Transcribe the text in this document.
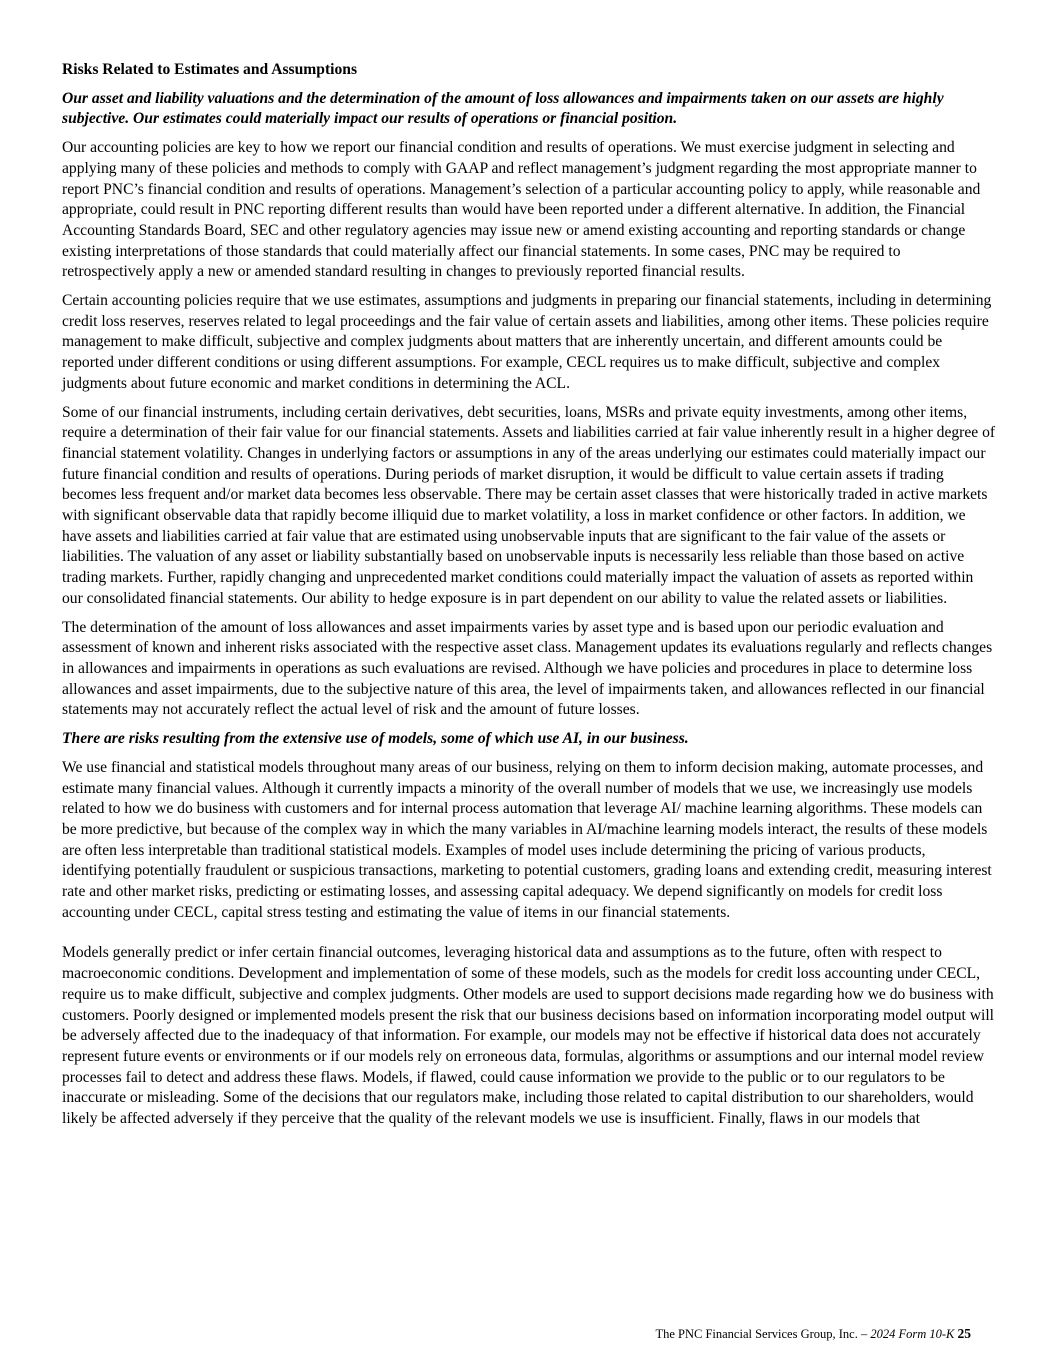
Risks Related to Estimates and Assumptions
Our asset and liability valuations and the determination of the amount of loss allowances and impairments taken on our assets are highly subjective. Our estimates could materially impact our results of operations or financial position.

Our accounting policies are key to how we report our financial condition and results of operations. We must exercise judgment in selecting and applying many of these policies and methods to comply with GAAP and reflect management’s judgment regarding the most appropriate manner to report PNC’s financial condition and results of operations. Management’s selection of a particular accounting policy to apply, while reasonable and appropriate, could result in PNC reporting different results than would have been reported under a different alternative. In addition, the Financial Accounting Standards Board, SEC and other regulatory agencies may issue new or amend existing accounting and reporting standards or change existing interpretations of those standards that could materially affect our financial statements. In some cases, PNC may be required to retrospectively apply a new or amended standard resulting in changes to previously reported financial results.

Certain accounting policies require that we use estimates, assumptions and judgments in preparing our financial statements, including in determining credit loss reserves, reserves related to legal proceedings and the fair value of certain assets and liabilities, among other items. These policies require management to make difficult, subjective and complex judgments about matters that are inherently uncertain, and different amounts could be reported under different conditions or using different assumptions. For example, CECL requires us to make difficult, subjective and complex judgments about future economic and market conditions in determining the ACL.

Some of our financial instruments, including certain derivatives, debt securities, loans, MSRs and private equity investments, among other items, require a determination of their fair value for our financial statements. Assets and liabilities carried at fair value inherently result in a higher degree of financial statement volatility. Changes in underlying factors or assumptions in any of the areas underlying our estimates could materially impact our future financial condition and results of operations. During periods of market disruption, it would be difficult to value certain assets if trading becomes less frequent and/or market data becomes less observable. There may be certain asset classes that were historically traded in active markets with significant observable data that rapidly become illiquid due to market volatility, a loss in market confidence or other factors. In addition, we have assets and liabilities carried at fair value that are estimated using unobservable inputs that are significant to the fair value of the assets or liabilities. The valuation of any asset or liability substantially based on unobservable inputs is necessarily less reliable than those based on active trading markets. Further, rapidly changing and unprecedented market conditions could materially impact the valuation of assets as reported within our consolidated financial statements. Our ability to hedge exposure is in part dependent on our ability to value the related assets or liabilities.

The determination of the amount of loss allowances and asset impairments varies by asset type and is based upon our periodic evaluation and assessment of known and inherent risks associated with the respective asset class. Management updates its evaluations regularly and reflects changes in allowances and impairments in operations as such evaluations are revised. Although we have policies and procedures in place to determine loss allowances and asset impairments, due to the subjective nature of this area, the level of impairments taken, and allowances reflected in our financial statements may not accurately reflect the actual level of risk and the amount of future losses.

There are risks resulting from the extensive use of models, some of which use AI, in our business.

We use financial and statistical models throughout many areas of our business, relying on them to inform decision making, automate processes, and estimate many financial values. Although it currently impacts a minority of the overall number of models that we use, we increasingly use models related to how we do business with customers and for internal process automation that leverage AI/ machine learning algorithms. These models can be more predictive, but because of the complex way in which the many variables in AI/machine learning models interact, the results of these models are often less interpretable than traditional statistical models. Examples of model uses include determining the pricing of various products, identifying potentially fraudulent or suspicious transactions, marketing to potential customers, grading loans and extending credit, measuring interest rate and other market risks, predicting or estimating losses, and assessing capital adequacy. We depend significantly on models for credit loss accounting under CECL, capital stress testing and estimating the value of items in our financial statements.

Models generally predict or infer certain financial outcomes, leveraging historical data and assumptions as to the future, often with respect to macroeconomic conditions. Development and implementation of some of these models, such as the models for credit loss accounting under CECL, require us to make difficult, subjective and complex judgments. Other models are used to support decisions made regarding how we do business with customers. Poorly designed or implemented models present the risk that our business decisions based on information incorporating model output will be adversely affected due to the inadequacy of that information. For example, our models may not be effective if historical data does not accurately represent future events or environments or if our models rely on erroneous data, formulas, algorithms or assumptions and our internal model review processes fail to detect and address these flaws. Models, if flawed, could cause information we provide to the public or to our regulators to be inaccurate or misleading. Some of the decisions that our regulators make, including those related to capital distribution to our shareholders, would likely be affected adversely if they perceive that the quality of the relevant models we use is insufficient. Finally, flaws in our models that

The PNC Financial Services Group, Inc. – 2024 Form 10-K 25
